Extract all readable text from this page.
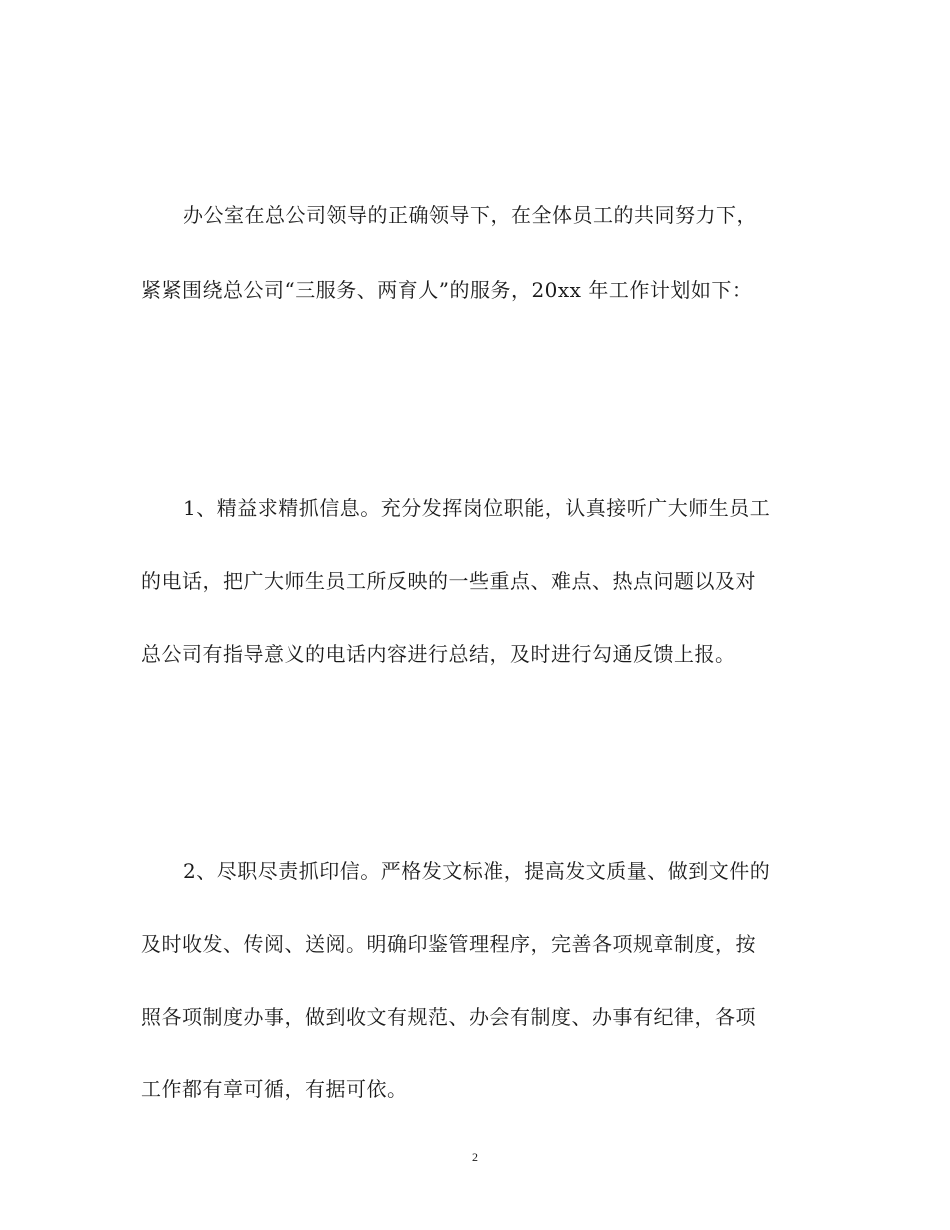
办公室在总公司领导的正确领导下，在全体员工的共同努力下，
紧紧围绕总公司“三服务、两育人”的服务，20xx 年工作计划如下：
1、精益求精抓信息。充分发挥岗位职能，认真接听广大师生员工
的电话，把广大师生员工所反映的一些重点、难点、热点问题以及对
总公司有指导意义的电话内容进行总结，及时进行勾通反馈上报。
2、尽职尽责抓印信。严格发文标准，提高发文质量、做到文件的
及时收发、传阅、送阅。明确印鉴管理程序，完善各项规章制度，按
照各项制度办事，做到收文有规范、办会有制度、办事有纪律，各项
工作都有章可循，有据可依。
2
